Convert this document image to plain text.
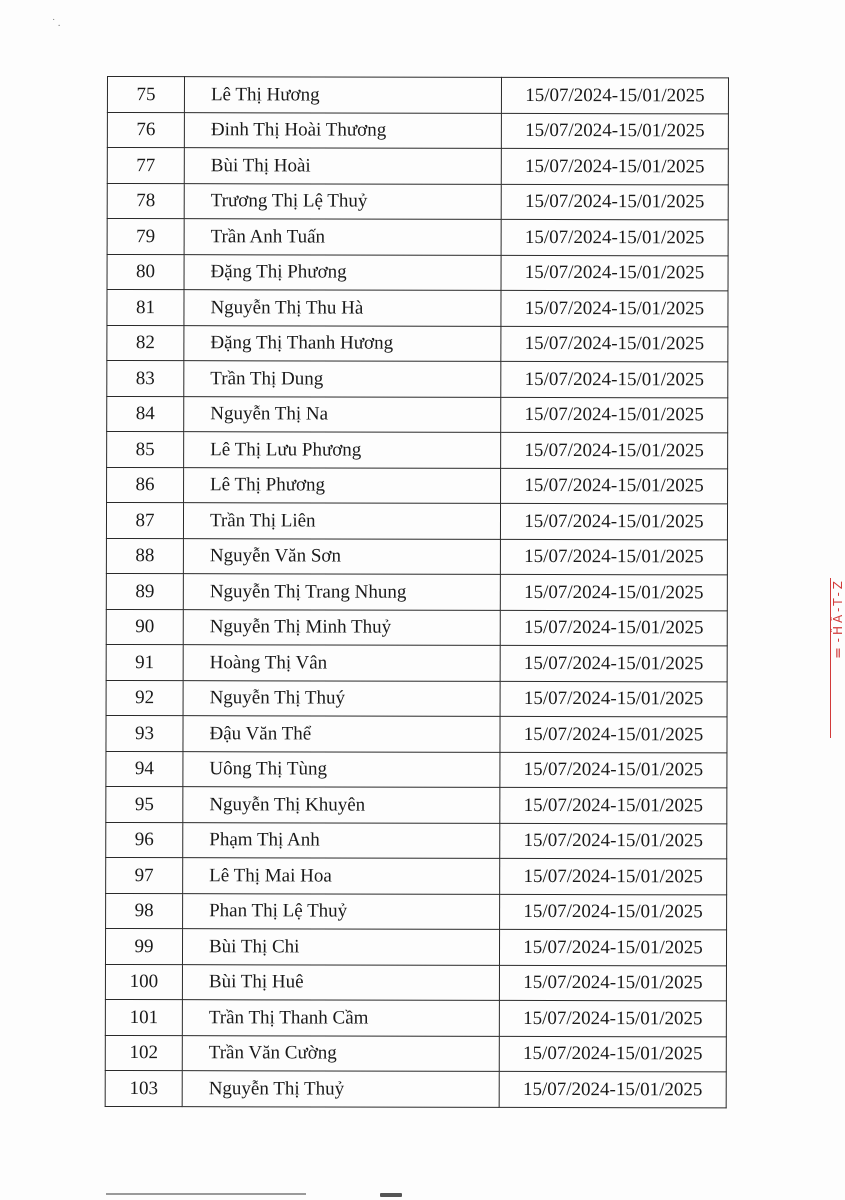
˙ .
75	Lê Thị Hương	15/07/2024-15/01/2025
76	Đinh Thị Hoài Thương	15/07/2024-15/01/2025
77	Bùi Thị Hoài	15/07/2024-15/01/2025
78	Trương Thị Lệ Thuỷ	15/07/2024-15/01/2025
79	Trần Anh Tuấn	15/07/2024-15/01/2025
80	Đặng Thị Phương	15/07/2024-15/01/2025
81	Nguyễn Thị Thu Hà	15/07/2024-15/01/2025
82	Đặng Thị Thanh Hương	15/07/2024-15/01/2025
83	Trần Thị Dung	15/07/2024-15/01/2025
84	Nguyễn Thị Na	15/07/2024-15/01/2025
85	Lê Thị Lưu Phương	15/07/2024-15/01/2025
86	Lê Thị Phương	15/07/2024-15/01/2025
87	Trần Thị Liên	15/07/2024-15/01/2025
88	Nguyễn Văn Sơn	15/07/2024-15/01/2025
89	Nguyễn Thị Trang Nhung	15/07/2024-15/01/2025
90	Nguyễn Thị Minh Thuỷ	15/07/2024-15/01/2025
91	Hoàng Thị Vân	15/07/2024-15/01/2025
92	Nguyễn Thị Thuý	15/07/2024-15/01/2025
93	Đậu Văn Thể	15/07/2024-15/01/2025
94	Uông Thị Tùng	15/07/2024-15/01/2025
95	Nguyễn Thị Khuyên	15/07/2024-15/01/2025
96	Phạm Thị Anh	15/07/2024-15/01/2025
97	Lê Thị Mai Hoa	15/07/2024-15/01/2025
98	Phan Thị Lệ Thuỷ	15/07/2024-15/01/2025
99	Bùi Thị Chi	15/07/2024-15/01/2025
100	Bùi Thị Huê	15/07/2024-15/01/2025
101	Trần Thị Thanh Cầm	15/07/2024-15/01/2025
102	Trần Văn Cường	15/07/2024-15/01/2025
103	Nguyễn Thị Thuỷ	15/07/2024-15/01/2025
Ⅱ-ĤÂ-T-Z
